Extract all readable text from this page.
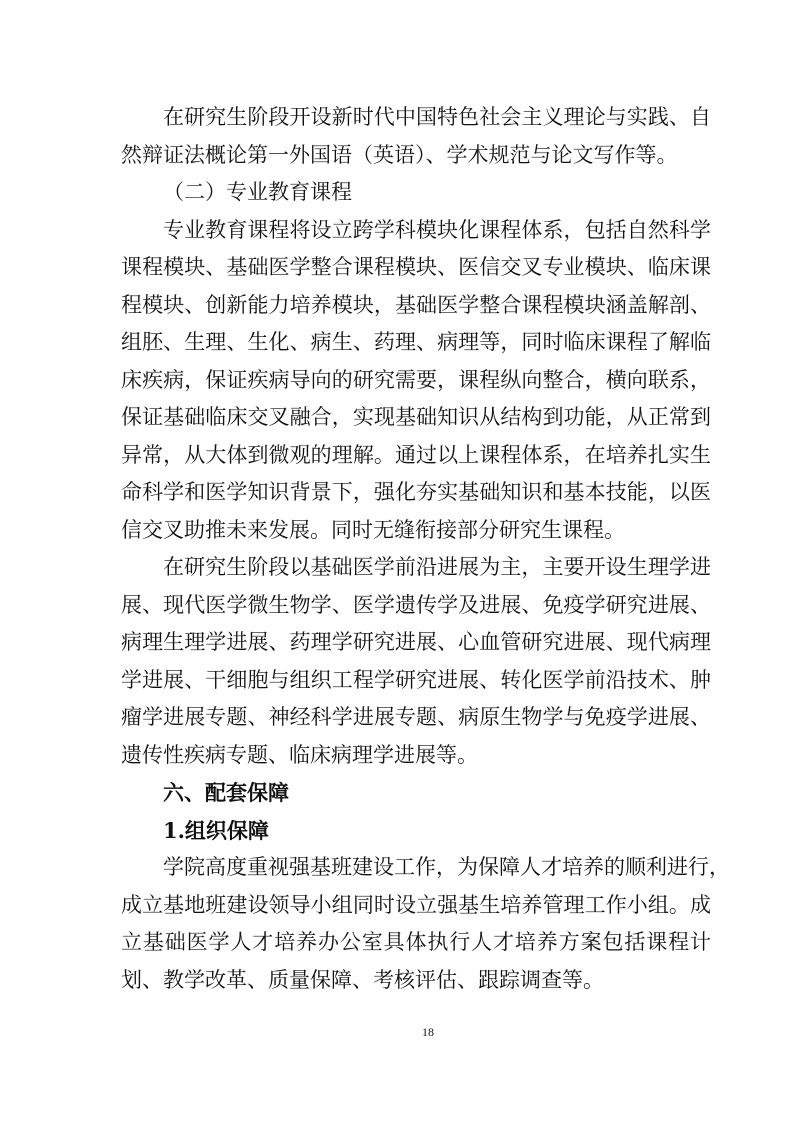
在研究生阶段开设新时代中国特色社会主义理论与实践、自
然辩证法概论第一外国语（英语）、学术规范与论文写作等。
（二）专业教育课程
专业教育课程将设立跨学科模块化课程体系，包括自然科学
课程模块、基础医学整合课程模块、医信交叉专业模块、临床课
程模块、创新能力培养模块，基础医学整合课程模块涵盖解剖、
组胚、生理、生化、病生、药理、病理等，同时临床课程了解临
床疾病，保证疾病导向的研究需要，课程纵向整合，横向联系，
保证基础临床交叉融合，实现基础知识从结构到功能，从正常到
异常，从大体到微观的理解。通过以上课程体系，在培养扎实生
命科学和医学知识背景下，强化夯实基础知识和基本技能，以医
信交叉助推未来发展。同时无缝衔接部分研究生课程。
在研究生阶段以基础医学前沿进展为主，主要开设生理学进
展、现代医学微生物学、医学遗传学及进展、免疫学研究进展、
病理生理学进展、药理学研究进展、心血管研究进展、现代病理
学进展、干细胞与组织工程学研究进展、转化医学前沿技术、肿
瘤学进展专题、神经科学进展专题、病原生物学与免疫学进展、
遗传性疾病专题、临床病理学进展等。
六、配套保障
1.组织保障
学院高度重视强基班建设工作，为保障人才培养的顺利进行，
成立基地班建设领导小组同时设立强基生培养管理工作小组。成
立基础医学人才培养办公室具体执行人才培养方案包括课程计
划、教学改革、质量保障、考核评估、跟踪调查等。
18
